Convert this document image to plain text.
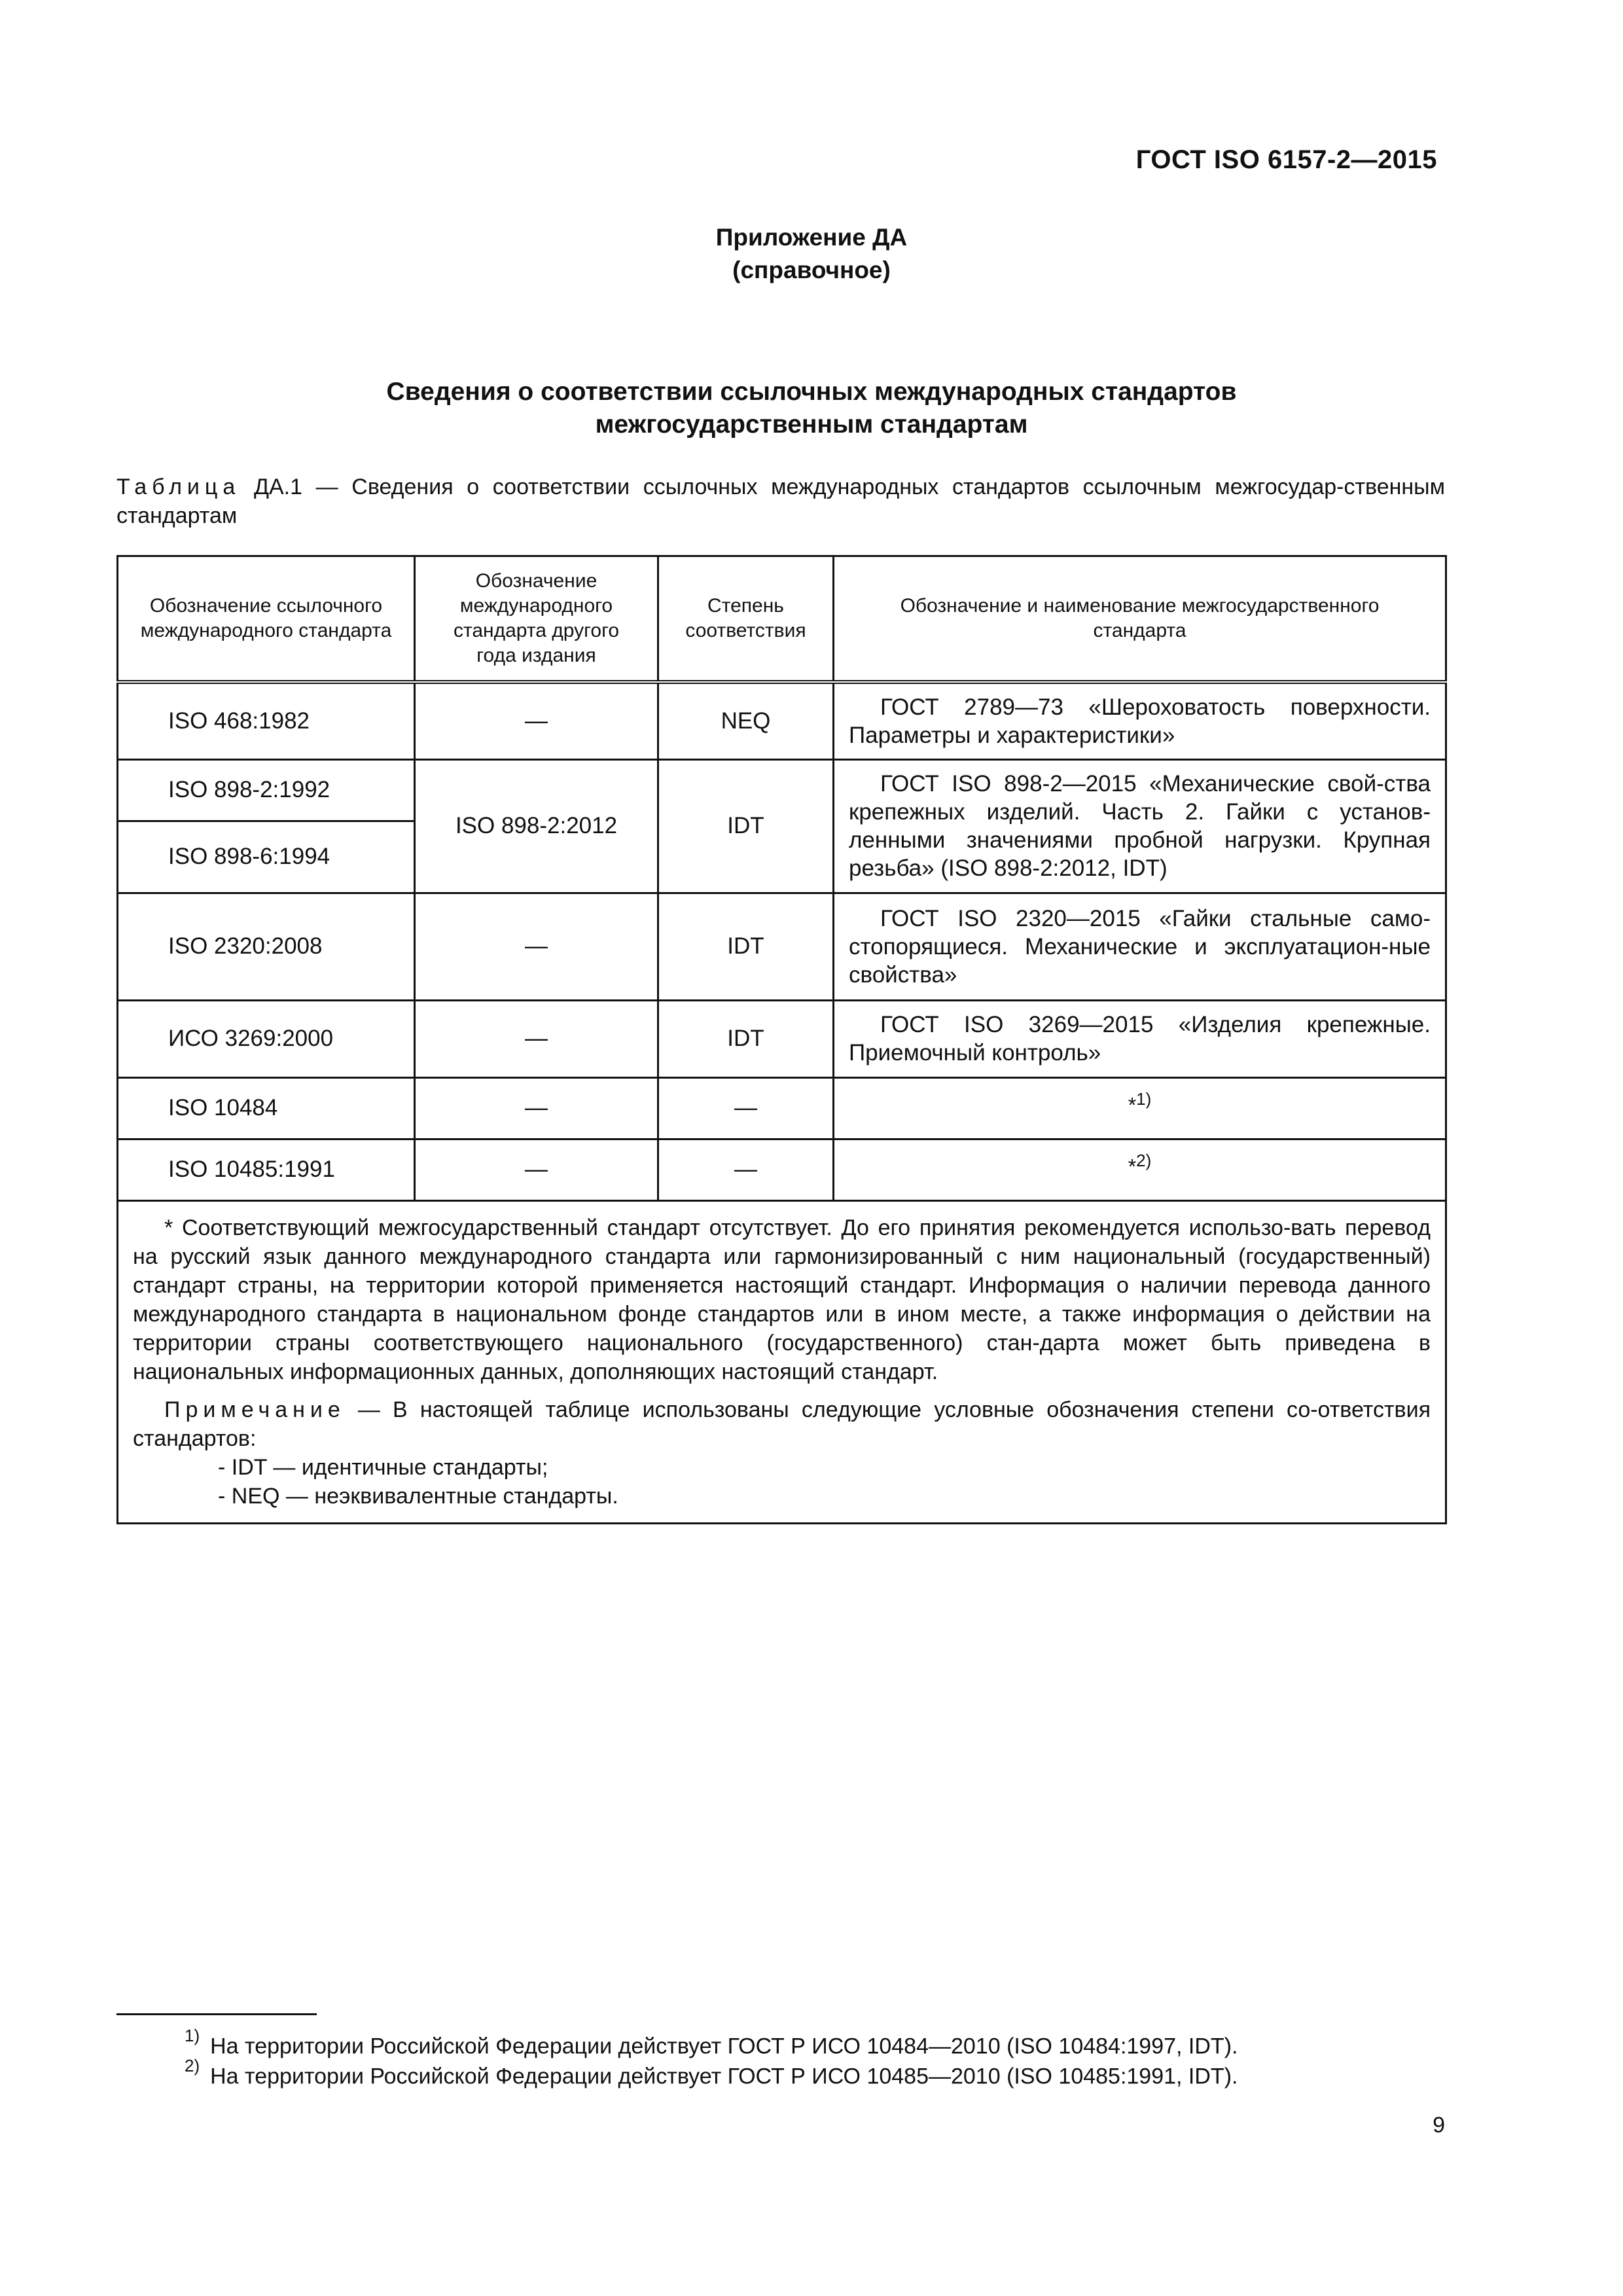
ГОСТ ISO 6157-2—2015
Приложение ДА
(справочное)
Сведения о соответствии ссылочных международных стандартов
межгосударственным стандартам
Таблица ДА.1 — Сведения о соответствии ссылочных международных стандартов ссылочным межгосудар-ственным стандартам
Обозначение ссылочного международного стандарта	Обозначение международного стандарта другого года издания	Степень соответствия	Обозначение и наименование межгосударственного стандарта
ISO 468:1982	—	NEQ	ГОСТ 2789—73 «Шероховатость поверхности. Параметры и характеристики»
ISO 898-2:1992	ISO 898-2:2012	IDT	ГОСТ ISO 898-2—2015 «Механические свой-ства крепежных изделий. Часть 2. Гайки с установ-ленными значениями пробной нагрузки. Крупная резьба» (ISO 898-2:2012, IDT)
ISO 898-6:1994			
ISO 2320:2008	—	IDT	ГОСТ ISO 2320—2015 «Гайки стальные само-стопорящиеся. Механические и эксплуатацион-ные свойства»
ИСО 3269:2000	—	IDT	ГОСТ ISO 3269—2015 «Изделия крепежные. Приемочный контроль»
ISO 10484	—	—	*$^{1)}$
ISO 10485:1991	—	—	*$^{2)}$

* Соответствующий межгосударственный стандарт отсутствует. До его принятия рекомендуется использо-вать перевод на русский язык данного международного стандарта или гармонизированный с ним национальный (государственный) стандарт страны, на территории которой применяется настоящий стандарт. Информация о наличии перевода данного международного стандарта в национальном фонде стандартов или в ином месте, а также информация о действии на территории страны соответствующего национального (государственного) стан-дарта может быть приведена в национальных информационных данных, дополняющих настоящий стандарт.

Примечание — В настоящей таблице использованы следующие условные обозначения степени со-ответствия стандартов:

- IDT — идентичные стандарты;

- NEQ — неэквивалентные стандарты.			

$^{1)}$ На территории Российской Федерации действует ГОСТ Р ИСО 10484—2010 (ISO 10484:1997, IDT).
$^{2)}$ На территории Российской Федерации действует ГОСТ Р ИСО 10485—2010 (ISO 10485:1991, IDT).
9
